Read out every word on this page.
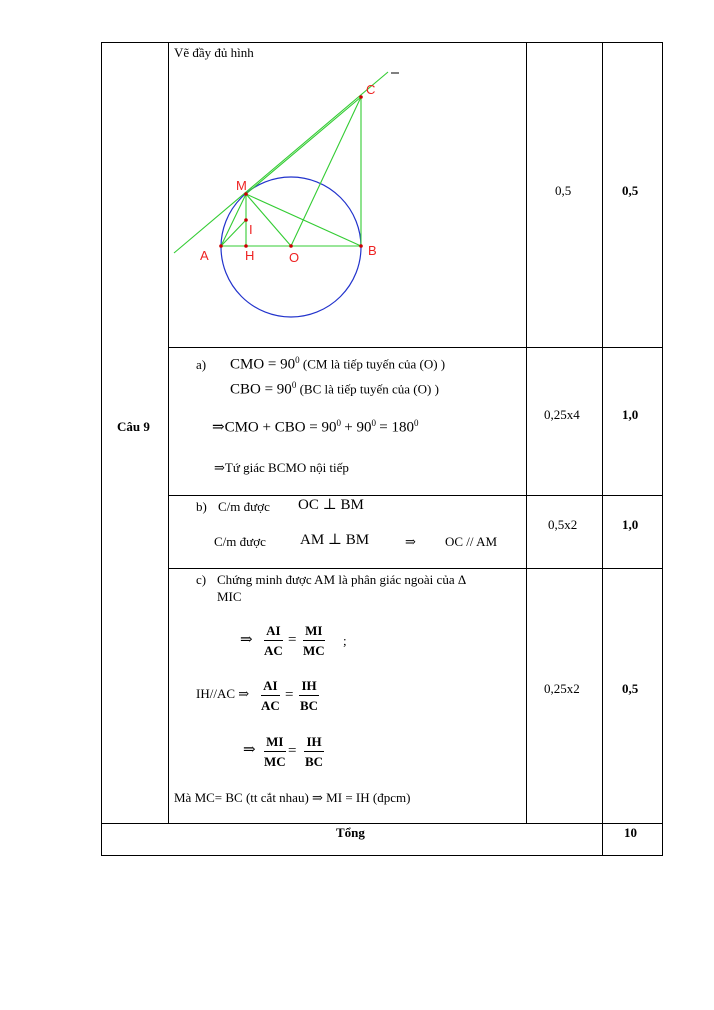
Câu 9
Vẽ đầy đủ hình
C
M
I
A	H	O	B
0,5	0,5
a) CMO = $90^0$ (CM là tiếp tuyến của (O) )
CBO = $90^0$ (BC là tiếp tuyến của (O) )
⇒CMO + CBO = $90^0 + 90^0 = 180^0$
⇒Tứ giác BCMO nội tiếp
0,25x4	1,0
b) C/m được OC ⊥ BM
C/m được AM ⊥ BM	⇒ OC // AM
0,5x2	1,0
c) Chứng minh được AM là phân giác ngoài của Δ
MIC
⇒ $\frac{AI}{AC} = \frac{MI}{MC}$ ;
IH//AC ⇒ $\frac{AI}{AC} = \frac{IH}{BC}$
⇒ $\frac{MI}{MC} = \frac{IH}{BC}$
Mà MC= BC (tt cắt nhau) ⇒ MI = IH (đpcm)
0,25x2	0,5
Tổng	10
